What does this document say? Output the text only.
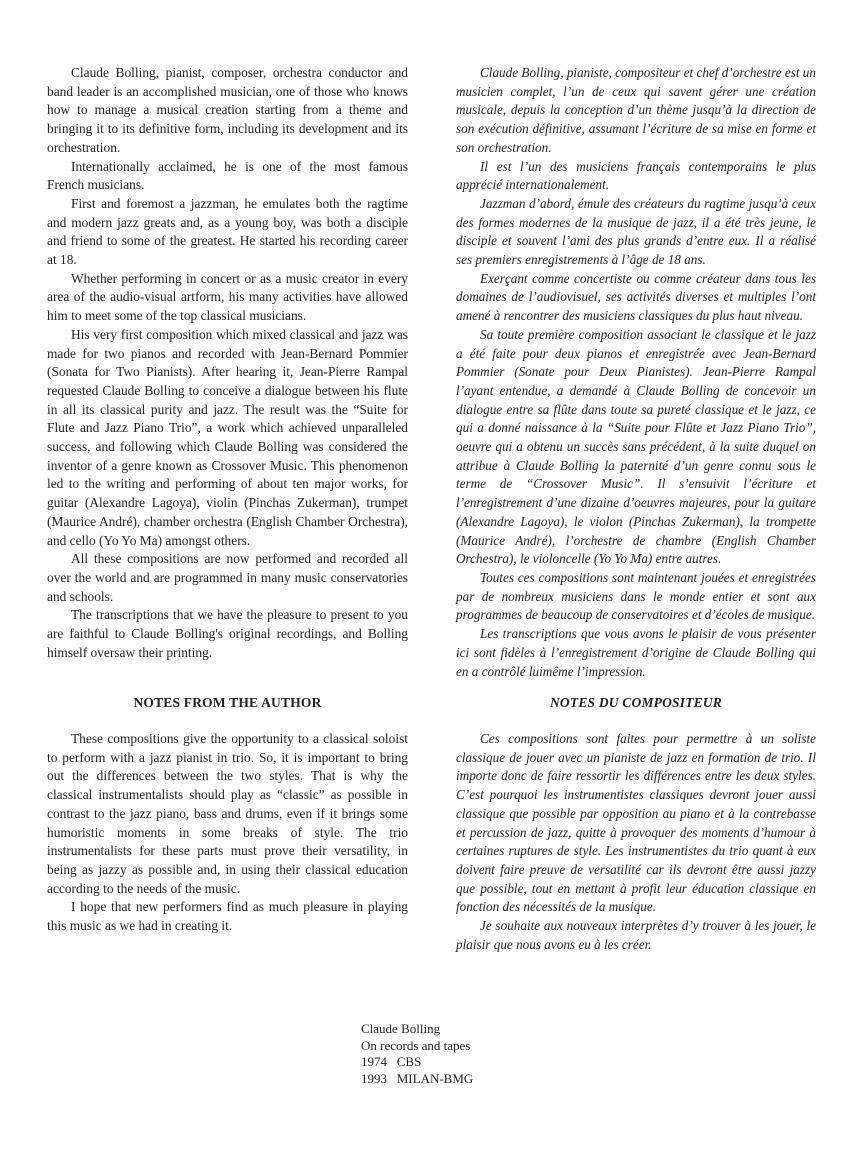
Claude Bolling, pianist, composer, orchestra conductor and band leader is an accomplished musician, one of those who knows how to manage a musical creation starting from a theme and bringing it to its definitive form, including its development and its orchestration.

Internationally acclaimed, he is one of the most famous French musicians.

First and foremost a jazzman, he emulates both the ragtime and modern jazz greats and, as a young boy, was both a disciple and friend to some of the greatest. He started his recording career at 18.

Whether performing in concert or as a music creator in every area of the audio-visual artform, his many activities have allowed him to meet some of the top classical musicians.

His very first composition which mixed classical and jazz was made for two pianos and recorded with Jean-Bernard Pommier (Sonata for Two Pianists). After hearing it, Jean-Pierre Rampal requested Claude Bolling to conceive a dialogue between his flute in all its classical purity and jazz. The result was the “Suite for Flute and Jazz Piano Trio”, a work which achieved unparalleled success, and following which Claude Bolling was considered the inventor of a genre known as Crossover Music. This phenomenon led to the writing and performing of about ten major works, for guitar (Alexandre Lagoya), violin (Pinchas Zukerman), trumpet (Maurice André), chamber orchestra (English Chamber Orchestra), and cello (Yo Yo Ma) amongst others.

All these compositions are now performed and recorded all over the world and are programmed in many music conservatories and schools.

The transcriptions that we have the pleasure to present to you are faithful to Claude Bolling's original recordings, and Bolling himself oversaw their printing.

Claude Bolling, pianiste, compositeur et chef d’orchestre est un musicien complet, l’un de ceux qui savent gérer une création musicale, depuis la conception d’un thème jusqu’à la direction de son exécution définitive, assumant l’écriture de sa mise en forme et son orchestration.

Il est l’un des musiciens français contemporains le plus apprécié internationalement.

Jazzman d’abord, émule des créateurs du ragtime jusqu’à ceux des formes modernes de la musique de jazz, il a été très jeune, le disciple et souvent l’ami des plus grands d’entre eux. Il a réalisé ses premiers enregistrements à l’âge de 18 ans.

Exerçant comme concertiste ou comme créateur dans tous les domaines de l’audiovisuel, ses activités diverses et multiples l’ont amené à rencontrer des musiciens classiques du plus haut niveau.

Sa toute première composition associant le classique et le jazz a été faite pour deux pianos et enregistrée avec Jean-Bernard Pommier (Sonate pour Deux Pianistes). Jean-Pierre Rampal l’ayant entendue, a demandé à Claude Bolling de concevoir un dialogue entre sa flûte dans toute sa pureté classique et le jazz, ce qui a donné naissance à la “Suite pour Flûte et Jazz Piano Trio”, oeuvre qui a obtenu un succès sans précédent, à la suite duquel on attribue à Claude Bolling la paternité d’un genre connu sous le terme de “Crossover Music”. Il s’ensuivit l’écriture et l’enregistrement d’une dizaine d’oeuvres majeures, pour la guitare (Alexandre Lagoya), le violon (Pinchas Zukerman), la trompette (Maurice André), l’orchestre de chambre (English Chamber Orchestra), le violoncelle (Yo Yo Ma) entre autres.

Toutes ces compositions sont maintenant jouées et enregistrées par de nombreux musiciens dans le monde entier et sont aux programmes de beaucoup de conservatoires et d’écoles de musique.

Les transcriptions que vous avons le plaisir de vous présenter ici sont fidèles à l’enregistrement d’origine de Claude Bolling qui en a contrôlé luimême l’impression.

NOTES FROM THE AUTHOR	NOTES DU COMPOSITEUR

These compositions give the opportunity to a classical soloist to perform with a jazz pianist in trio. So, it is important to bring out the differences between the two styles. That is why the classical instrumentalists should play as “classic” as possible in contrast to the jazz piano, bass and drums, even if it brings some humoristic moments in some breaks of style. The trio instrumentalists for these parts must prove their versatility, in being as jazzy as possible and, in using their classical education according to the needs of the music.

I hope that new performers find as much pleasure in playing this music as we had in creating it.

Ces compositions sont faites pour permettre à un soliste classique de jouer avec un pianiste de jazz en formation de trio. Il importe donc de faire ressortir les différences entre les deux styles. C’est pourquoi les instrumentistes classiques devront jouer aussi classique que possible par opposition au piano et à la contrebasse et percussion de jazz, quitte à provoquer des moments d’humour à certaines ruptures de style. Les instrumentistes du trio quant à eux doivent faire preuve de versatilité car ils devront être aussi jazzy que possible, tout en mettant à profit leur éducation classique en fonction des nécessités de la musique.

Je souhaite aux nouveaux interprètes d’y trouver à les jouer, le plaisir que nous avons eu à les créer.

Claude Bolling
On records and tapes
1974   CBS
1993   MILAN-BMG
